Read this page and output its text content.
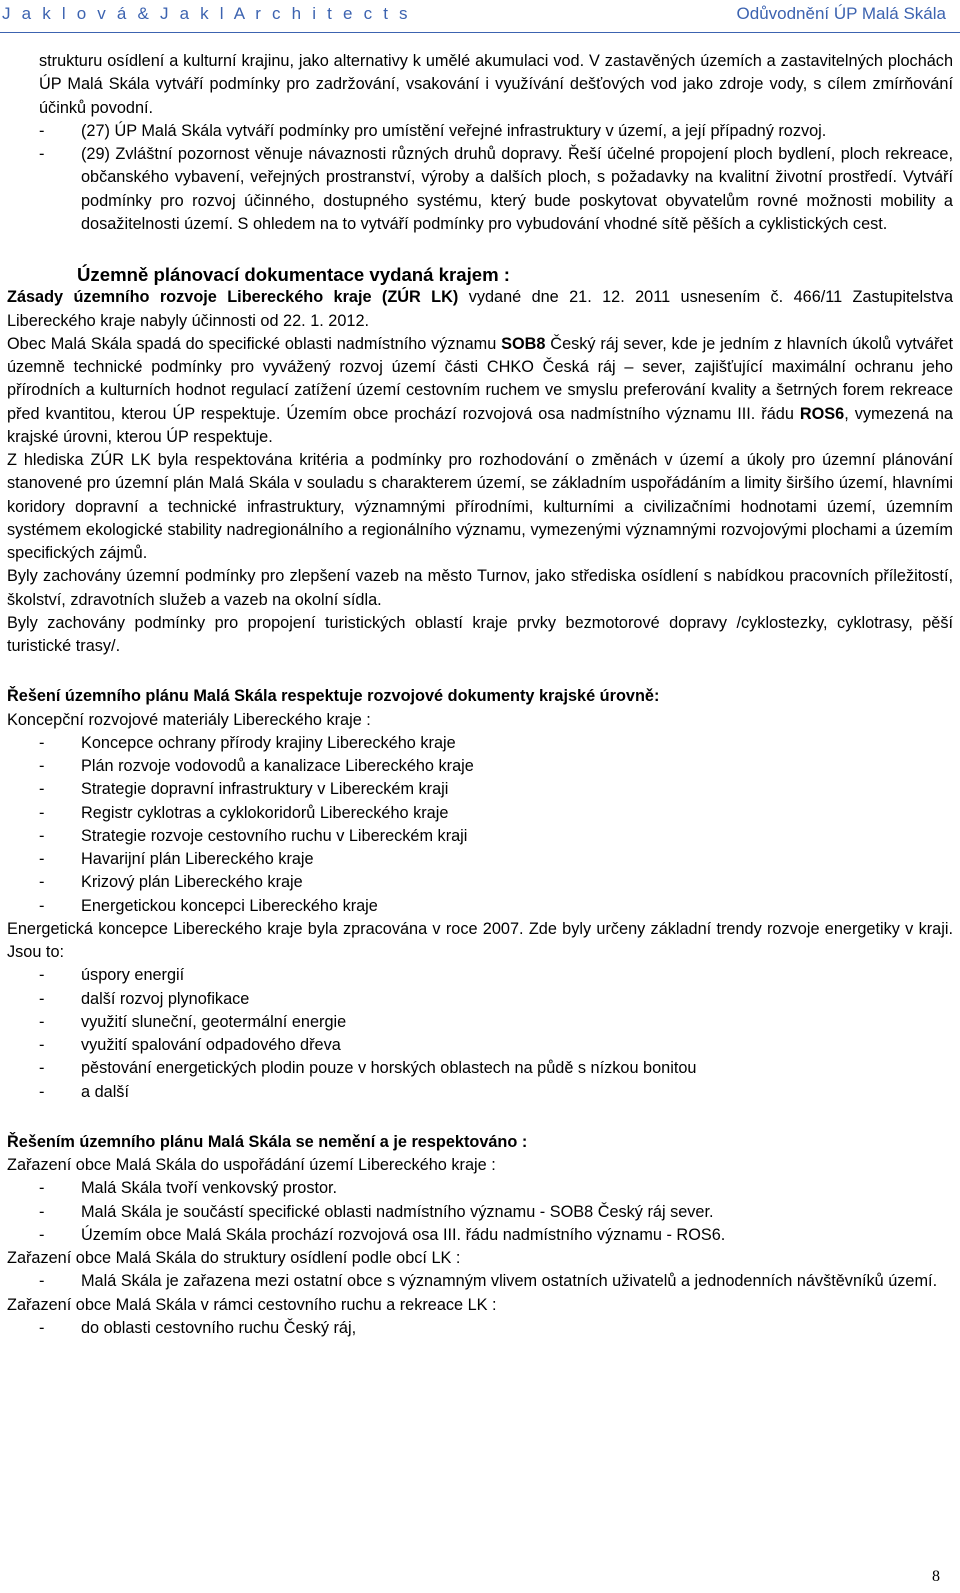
J a k l o v á & J a k l A r c h i t e c t s	Odůvodnění ÚP Malá Skála

strukturu osídlení a kulturní krajinu, jako alternativy k umělé akumulaci vod. V zastavěných územích a zastavitelných plochách ÚP Malá Skála vytváří podmínky pro zadržování, vsakování i využívání dešťových vod jako zdroje vody, s cílem zmírňování účinků povodní.

- (27) ÚP Malá Skála vytváří podmínky pro umístění veřejné infrastruktury v území, a její případný rozvoj.

- (29) Zvláštní pozornost věnuje návaznosti různých druhů dopravy. Řeší účelné propojení ploch bydlení, ploch rekreace, občanského vybavení, veřejných prostranství, výroby a dalších ploch, s požadavky na kvalitní životní prostředí. Vytváří podmínky pro rozvoj účinného, dostupného systému, který bude poskytovat obyvatelům rovné možnosti mobility a dosažitelnosti území. S ohledem na to vytváří podmínky pro vybudování vhodné sítě pěších a cyklistických cest.

Územně plánovací dokumentace vydaná krajem :

Zásady územního rozvoje Libereckého kraje (ZÚR LK) vydané dne 21. 12. 2011 usnesením č. 466/11 Zastupitelstva Libereckého kraje nabyly účinnosti od 22. 1. 2012.

Obec Malá Skála spadá do specifické oblasti nadmístního významu SOB8 Český ráj sever, kde je jedním z hlavních úkolů vytvářet územně technické podmínky pro vyvážený rozvoj území části CHKO Česká ráj – sever, zajišťující maximální ochranu jeho přírodních a kulturních hodnot regulací zatížení území cestovním ruchem ve smyslu preferování kvality a šetrných forem rekreace před kvantitou, kterou ÚP respektuje. Územím obce prochází rozvojová osa nadmístního významu III. řádu ROS6, vymezená na krajské úrovni, kterou ÚP respektuje.

Z hlediska ZÚR LK byla respektována kritéria a podmínky pro rozhodování o změnách v území a úkoly pro územní plánování stanovené pro územní plán Malá Skála v souladu s charakterem území, se základním uspořádáním a limity širšího území, hlavními koridory dopravní a technické infrastruktury, významnými přírodními, kulturními a civilizačními hodnotami území, územním systémem ekologické stability nadregionálního a regionálního významu, vymezenými významnými rozvojovými plochami a územím specifických zájmů.

Byly zachovány územní podmínky pro zlepšení vazeb na město Turnov, jako střediska osídlení s nabídkou pracovních příležitostí, školství, zdravotních služeb a vazeb na okolní sídla.

Byly zachovány podmínky pro propojení turistických oblastí kraje prvky bezmotorové dopravy /cyklostezky, cyklotrasy, pěší turistické trasy/.

Řešení územního plánu Malá Skála respektuje rozvojové dokumenty krajské úrovně:

Koncepční rozvojové materiály Libereckého kraje :

- Koncepce ochrany přírody krajiny Libereckého kraje

- Plán rozvoje vodovodů a kanalizace Libereckého kraje

- Strategie dopravní infrastruktury v Libereckém kraji

- Registr cyklotras a cyklokoridorů Libereckého kraje

- Strategie rozvoje cestovního ruchu v Libereckém kraji

- Havarijní plán Libereckého kraje

- Krizový plán Libereckého kraje

- Energetickou koncepci Libereckého kraje

Energetická koncepce Libereckého kraje byla zpracována v roce 2007. Zde byly určeny základní trendy rozvoje energetiky v kraji. Jsou to:

- úspory energií

- další rozvoj plynofikace

- využití sluneční, geotermální energie

- využití spalování odpadového dřeva

- pěstování energetických plodin pouze v horských oblastech na půdě s nízkou bonitou

- a další

Řešením územního plánu Malá Skála se nemění a je respektováno :

Zařazení obce Malá Skála do uspořádání území Libereckého kraje :

- Malá Skála tvoří venkovský prostor.

- Malá Skála je součástí specifické oblasti nadmístního významu - SOB8 Český ráj sever.

- Územím obce Malá Skála prochází rozvojová osa III. řádu nadmístního významu - ROS6.

Zařazení obce Malá Skála do struktury osídlení podle obcí LK :

- Malá Skála je zařazena mezi ostatní obce s významným vlivem ostatních uživatelů a jednodenních návštěvníků území.

Zařazení obce Malá Skála v rámci cestovního ruchu a rekreace LK :

- do oblasti cestovního ruchu Český ráj,

8
